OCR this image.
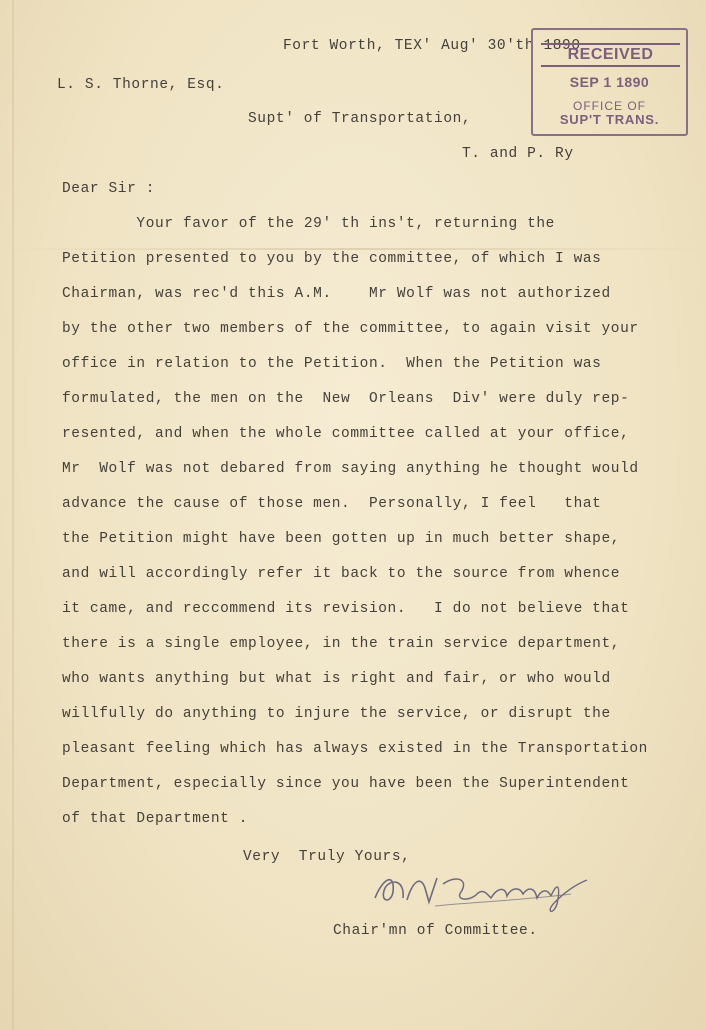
Fort Worth, TEX' Aug' 30'th 1890
L. S. Thorne, Esq.
Supt' of Transportation,
T. and P. Ry
RECEIVED
SEP 1 1890
OFFICE OF
SUP'T TRANS.
Dear Sir :
Your favor of the 29' th ins't, returning the
Petition presented to you by the committee, of which I was
Chairman, was rec'd this A.M.    Mr Wolf was not authorized
by the other two members of the committee, to again visit your
office in relation to the Petition.  When the Petition was
formulated, the men on the  New  Orleans  Div' were duly rep-
resented, and when the whole committee called at your office,
Mr  Wolf was not debared from saying anything he thought would
advance the cause of those men.  Personally, I feel   that
the Petition might have been gotten up in much better shape,
and will accordingly refer it back to the source from whence
it came, and reccommend its revision.   I do not believe that
there is a single employee, in the train service department,
who wants anything but what is right and fair, or who would
willfully do anything to injure the service, or disrupt the
pleasant feeling which has always existed in the Transportation
Department, especially since you have been the Superintendent
of that Department .
Very  Truly Yours,
Chair'mn of Committee.
